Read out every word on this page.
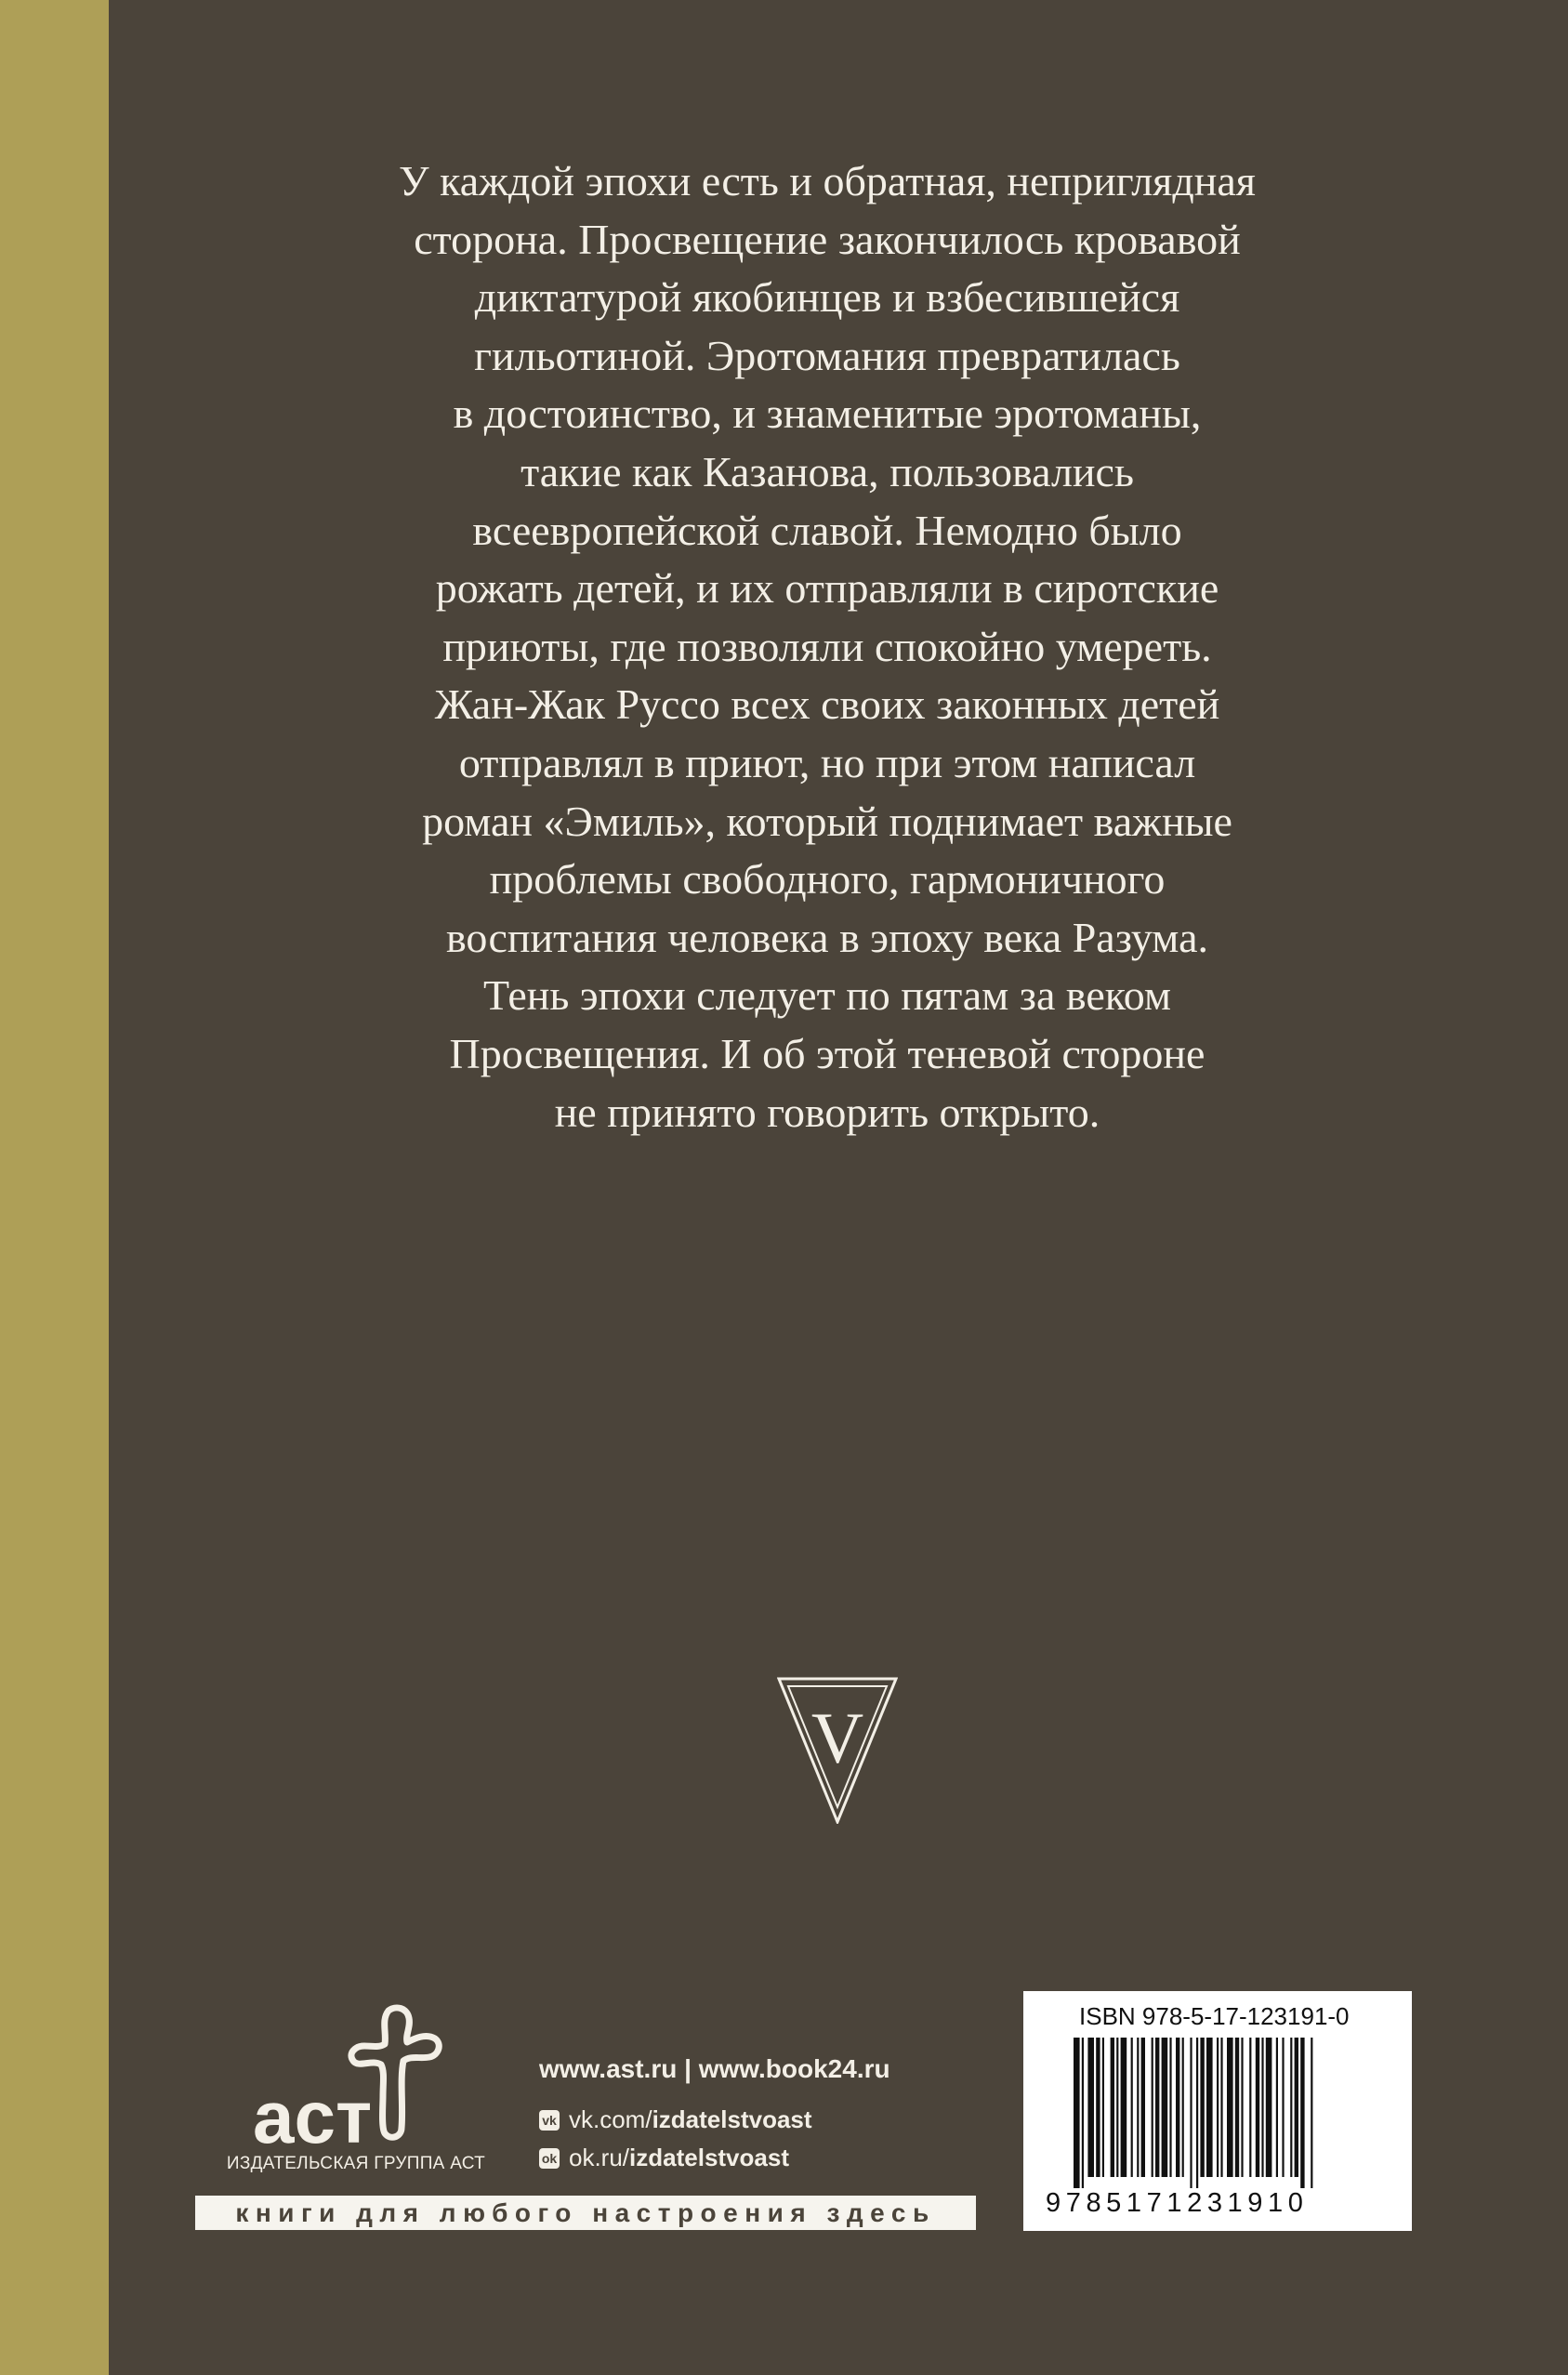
У каждой эпохи есть и обратная, неприглядная
сторона. Просвещение закончилось кровавой
диктатурой якобинцев и взбесившейся
гильотиной. Эротомания превратилась
в достоинство, и знаменитые эротоманы,
такие как Казанова, пользовались
всеевропейской славой. Немодно было
рожать детей, и их отправляли в сиротские
приюты, где позволяли спокойно умереть.
Жан-Жак Руссо всех своих законных детей
отправлял в приют, но при этом написал
роман «Эмиль», который поднимает важные
проблемы свободного, гармоничного
воспитания человека в эпоху века Разума.
Тень эпохи следует по пятам за веком
Просвещения. И об этой теневой стороне
не принято говорить открыто.
V
аст
ИЗДАТЕЛЬСКАЯ ГРУППА АСТ
www.ast.ru | www.book24.ru
vk vk.com/ izdatelstvoast
ok ok.ru/ izdatelstvoast
книги для любого настроения здесь
ISBN 978-5-17-123191-0
9785171231910
